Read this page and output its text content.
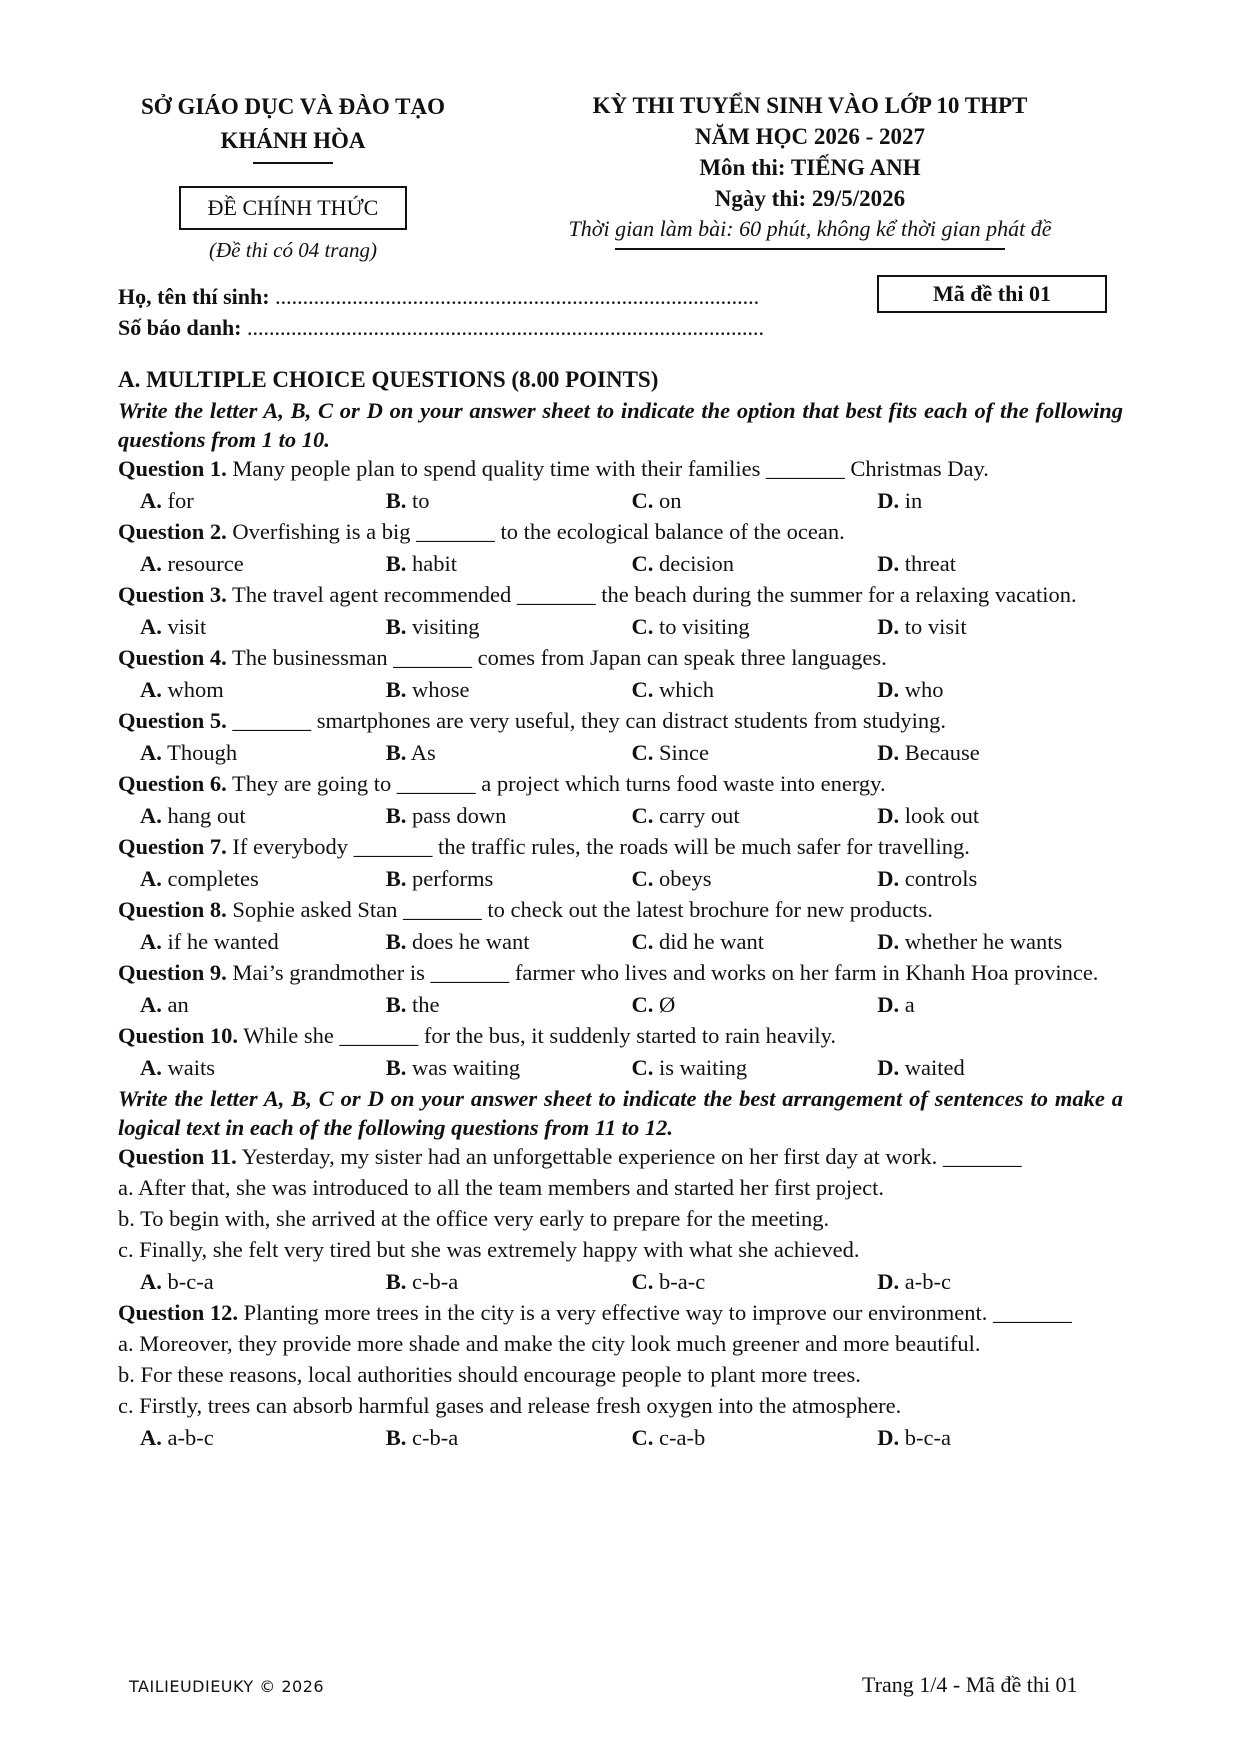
SỞ GIÁO DỤC VÀ ĐÀO TẠO
KHÁNH HÒA
ĐỀ CHÍNH THỨC
(Đề thi có 04 trang)
KỲ THI TUYỂN SINH VÀO LỚP 10 THPT
NĂM HỌC 2026 - 2027
Môn thi: TIẾNG ANH
Ngày thi: 29/5/2026
Thời gian làm bài: 60 phút, không kể thời gian phát đề
Họ, tên thí sinh: ........................................................................................
Số báo danh: ..............................................................................................
Mã đề thi 01
A. MULTIPLE CHOICE QUESTIONS (8.00 POINTS)
Write the letter A, B, C or D on your answer sheet to indicate the option that best fits each of the following questions from 1 to 10.
Question 1. Many people plan to spend quality time with their families _______ Christmas Day.
A. for	B. to	C. on	D. in
Question 2. Overfishing is a big _______ to the ecological balance of the ocean.
A. resource	B. habit	C. decision	D. threat
Question 3. The travel agent recommended _______ the beach during the summer for a relaxing vacation.
A. visit	B. visiting	C. to visiting	D. to visit
Question 4. The businessman _______ comes from Japan can speak three languages.
A. whom	B. whose	C. which	D. who
Question 5. _______ smartphones are very useful, they can distract students from studying.
A. Though	B. As	C. Since	D. Because
Question 6. They are going to _______ a project which turns food waste into energy.
A. hang out	B. pass down	C. carry out	D. look out
Question 7. If everybody _______ the traffic rules, the roads will be much safer for travelling.
A. completes	B. performs	C. obeys	D. controls
Question 8. Sophie asked Stan _______ to check out the latest brochure for new products.
A. if he wanted	B. does he want	C. did he want	D. whether he wants
Question 9. Mai’s grandmother is _______ farmer who lives and works on her farm in Khanh Hoa province.
A. an	B. the	C. Ø	D. a
Question 10. While she _______ for the bus, it suddenly started to rain heavily.
A. waits	B. was waiting	C. is waiting	D. waited
Write the letter A, B, C or D on your answer sheet to indicate the best arrangement of sentences to make a logical text in each of the following questions from 11 to 12.
Question 11. Yesterday, my sister had an unforgettable experience on her first day at work. _______
a. After that, she was introduced to all the team members and started her first project.
b. To begin with, she arrived at the office very early to prepare for the meeting.
c. Finally, she felt very tired but she was extremely happy with what she achieved.
A. b-c-a	B. c-b-a	C. b-a-c	D. a-b-c
Question 12. Planting more trees in the city is a very effective way to improve our environment. _______
a. Moreover, they provide more shade and make the city look much greener and more beautiful.
b. For these reasons, local authorities should encourage people to plant more trees.
c. Firstly, trees can absorb harmful gases and release fresh oxygen into the atmosphere.
A. a-b-c	B. c-b-a	C. c-a-b	D. b-c-a
TAILIEUDIEUKY © 2026	Trang 1/4 - Mã đề thi 01
